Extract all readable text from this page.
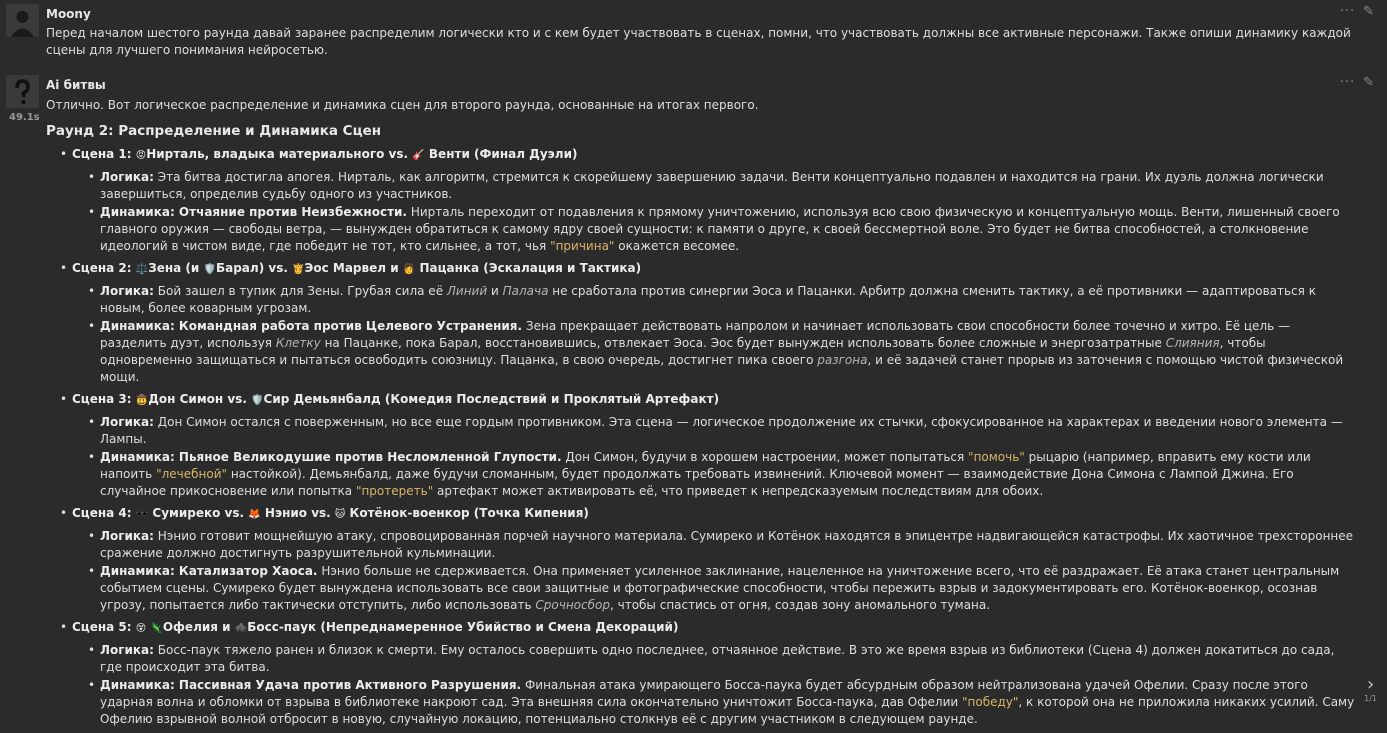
Moony	··· ✎
Перед началом шестого раунда давай заранее распределим логически кто и с кем будет участвовать в сценах, помни, что участвовать должны все активные персонажи. Также опиши динамику каждой сцены для лучшего понимания нейросетью.
49.1s
Ai битвы	··· ✎
Отлично. Вот логическое распределение и динамика сцен для второго раунда, основанные на итогах первого.
Раунд 2: Распределение и Динамика Сцен
• Сцена 1: 😡Нирталь, владыка материального vs. 🎸 Венти (Финал Дуэли)
• Логика: Эта битва достигла апогея. Нирталь, как алгоритм, стремится к скорейшему завершению задачи. Венти концептуально подавлен и находится на грани. Их дуэль должна логически завершиться, определив судьбу одного из участников.
• Динамика: Отчаяние против Неизбежности. Нирталь переходит от подавления к прямому уничтожению, используя всю свою физическую и концептуальную мощь. Венти, лишенный своего главного оружия — свободы ветра, — вынужден обратиться к самому ядру своей сущности: к памяти о друге, к своей бессмертной воле. Это будет не битва способностей, а столкновение идеологий в чистом виде, где победит не тот, кто сильнее, а тот, чья "причина" окажется весомее.
• Сцена 2: ⚖️Зена (и 🛡️Барал) vs. 👸Эос Марвел и 👩 Пацанка (Эскалация и Тактика)
• Логика: Бой зашел в тупик для Зены. Грубая сила её Линий и Палача не сработала против синергии Эоса и Пацанки. Арбитр должна сменить тактику, а её противники — адаптироваться к новым, более коварным угрозам.
• Динамика: Командная работа против Целевого Устранения. Зена прекращает действовать напролом и начинает использовать свои способности более точечно и хитро. Её цель — разделить дуэт, используя Клетку на Пацанке, пока Барал, восстановившись, отвлекает Эоса. Эос будет вынужден использовать более сложные и энергозатратные Слияния, чтобы одновременно защищаться и пытаться освободить союзницу. Пацанка, в свою очередь, достигнет пика своего разгона, и её задачей станет прорыв из заточения с помощью чистой физической мощи.
• Сцена 3: 🤠Дон Симон vs. 🛡️Сир Демьянбалд (Комедия Последствий и Проклятый Артефакт)
• Логика: Дон Симон остался с поверженным, но все еще гордым противником. Эта сцена — логическое продолжение их стычки, сфокусированное на характерах и введении нового элемента — Лампы.
• Динамика: Пьяное Великодушие против Несломленной Глупости. Дон Симон, будучи в хорошем настроении, может попытаться "помочь" рыцарю (например, вправить ему кости или напоить "лечебной" настойкой). Демьянбалд, даже будучи сломанным, будет продолжать требовать извинений. Ключевой момент — взаимодействие Дона Симона с Лампой Джина. Его случайное прикосновение или попытка "протереть" артефакт может активировать её, что приведет к непредсказуемым последствиям для обоих.
• Сцена 4: 🕶️ Сумиреко vs. 🦊 Нэнио vs. 🐱 Котёнок-военкор (Точка Кипения)
• Логика: Нэнио готовит мощнейшую атаку, спровоцированная порчей научного материала. Сумиреко и Котёнок находятся в эпицентре надвигающейся катастрофы. Их хаотичное трехстороннее сражение должно достигнуть разрушительной кульминации.
• Динамика: Катализатор Хаоса. Нэнио больше не сдерживается. Она применяет усиленное заклинание, нацеленное на уничтожение всего, что её раздражает. Её атака станет центральным событием сцены. Сумиреко будет вынуждена использовать все свои защитные и фотографические способности, чтобы пережить взрыв и задокументировать его. Котёнок-военкор, осознав угрозу, попытается либо тактически отступить, либо использовать Срочносбор, чтобы спастись от огня, создав зону аномального тумана.
• Сцена 5: 😵 🦎Офелия и 🕷️Босс-паук (Непреднамеренное Убийство и Смена Декораций)
• Логика: Босс-паук тяжело ранен и близок к смерти. Ему осталось совершить одно последнее, отчаянное действие. В это же время взрыв из библиотеки (Сцена 4) должен докатиться до сада, где происходит эта битва.
• Динамика: Пассивная Удача против Активного Разрушения. Финальная атака умирающего Босса-паука будет абсурдным образом нейтрализована удачей Офелии. Сразу после этого ударная волна и обломки от взрыва в библиотеке накроют сад. Эта внешняя сила окончательно уничтожит Босса-паука, дав Офелии "победу", к которой она не приложила никаких усилий. Саму Офелию взрывной волной отбросит в новую, случайную локацию, потенциально столкнув её с другим участником в следующем раунде.
›
1/1
